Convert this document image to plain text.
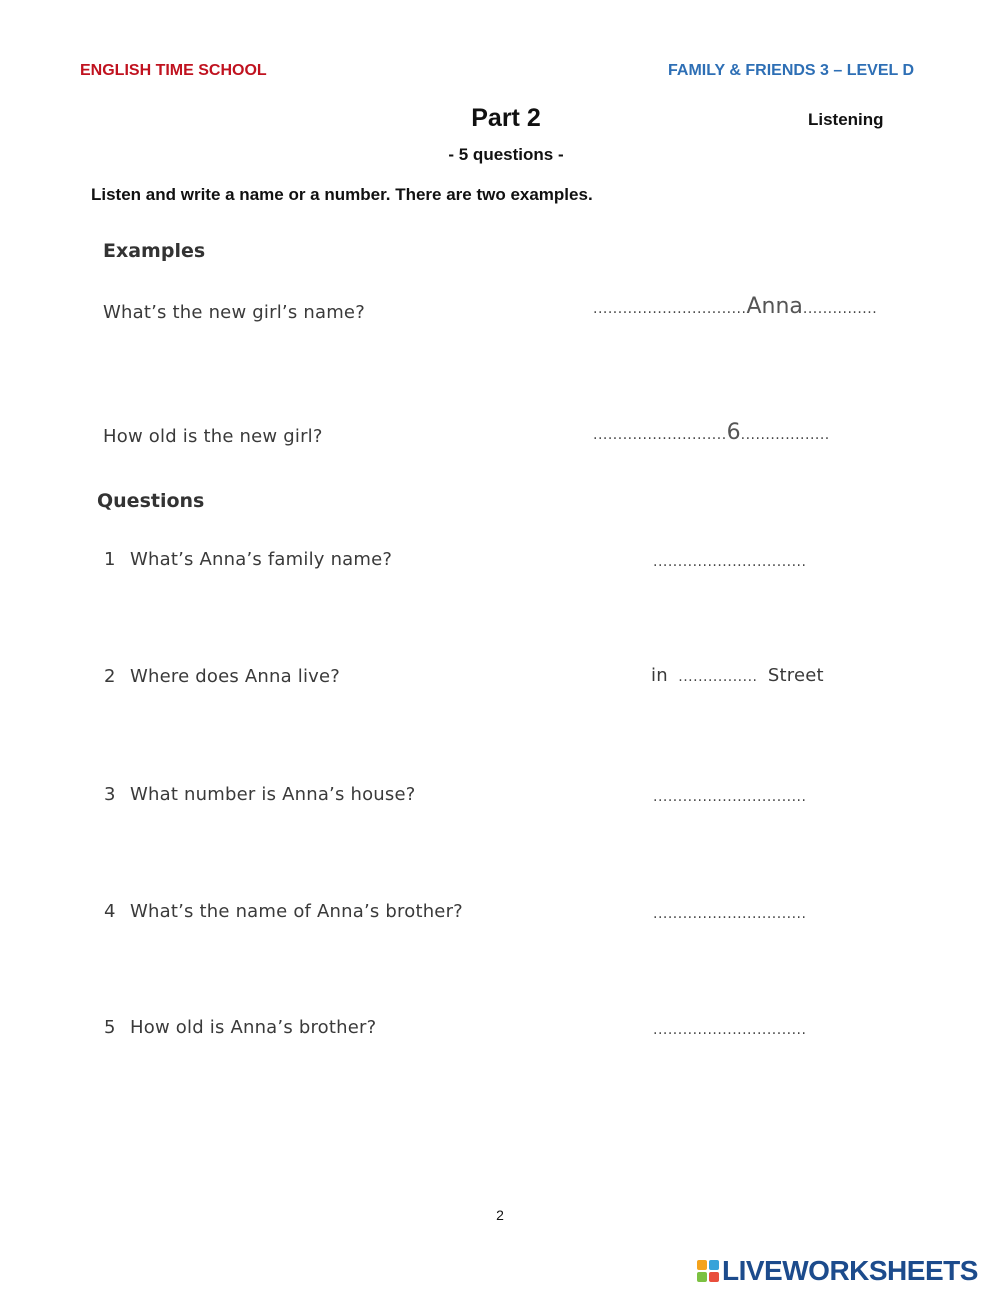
ENGLISH TIME SCHOOL	FAMILY & FRIENDS 3 – LEVEL D
Part 2	Listening
- 5 questions -
Listen and write a name or a number. There are two examples.
Examples
What’s the new girl’s name?	...............................Anna...............
How old is the new girl?	...........................6..................
Questions
1 What’s Anna’s family name?	...............................
2 Where does Anna live?	in ................ Street
3 What number is Anna’s house?	...............................
4 What’s the name of Anna’s brother?	...............................
5 How old is Anna’s brother?	...............................
2
LIVEWORKSHEETS
